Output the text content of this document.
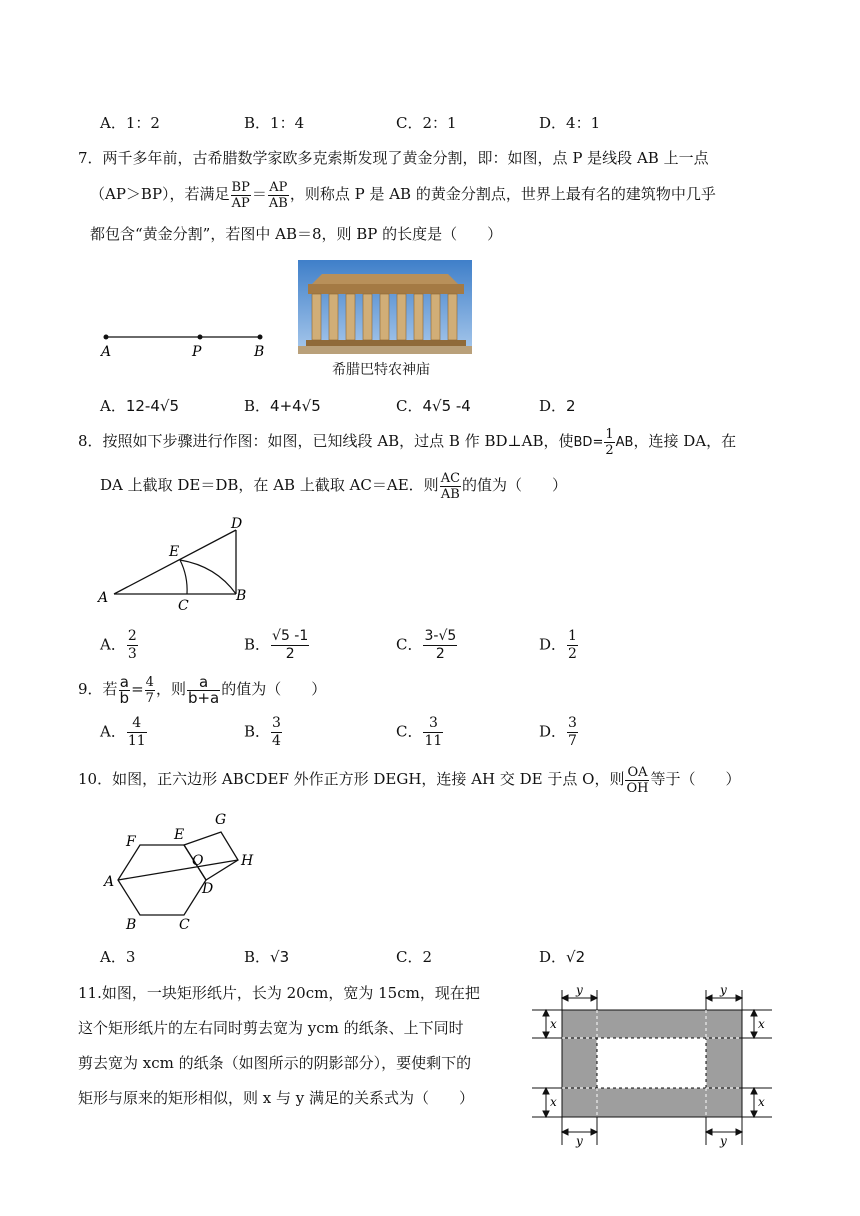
A．1：2	B．1：4	C．2：1	D．4：1
7．两千多年前，古希腊数学家欧多克索斯发现了黄金分割，即：如图，点 P 是线段 AB 上一点
（AP＞BP），若满足 $\frac{BP}{AP} = \frac{AP}{AB}$ ，则称点 P 是 AB 的黄金分割点，世界上最有名的建筑物中几乎
都包含“黄金分割”，若图中 AB＝8，则 BP 的长度是（　　）
A	P	B
希腊巴特农神庙
A．12-4√5	B．4+4√5	C．4√5 -4	D．2
8．按照如下步骤进行作图：如图，已知线段 AB，过点 B 作 BD⊥AB，使$BD= \frac{1}{2}$ AB，连接 DA，在
DA 上截取 DE＝DB，在 AB 上截取 AC＝AE．则 $\frac{AC}{AB}$ 的值为（　　）
A	B
C
D
E
A． $\frac{2}{3}$	B． $\frac{√5 -1}{2}$	C． $\frac{3-√5}{2}$	D． $\frac{1}{2}$
9．若 $\frac{a}{b} = \frac{4}{7}$ ，则 $\frac{a}{b+a}$ 的值为（　　）
A． $\frac{4}{11}$	B． $\frac{3}{4}$	C． $\frac{3}{11}$	D． $\frac{3}{7}$
10．如图，正六边形 ABCDEF 外作正方形 DEGH，连接 AH 交 DE 于点 O，则 $\frac{OA}{OH}$ 等于（　　）
A
B	C
D
E
F
G
H
O
A．3	B．√3	C．2	D．√2
11.如图，一块矩形纸片，长为 20cm，宽为 15cm，现在把
这个矩形纸片的左右同时剪去宽为 ycm 的纸条、上下同时
剪去宽为 xcm 的纸条（如图所示的阴影部分），要使剩下的
矩形与原来的矩形相似，则 x 与 y 满足的关系式为（　　）
y	y
y	y
x	x
x	x
